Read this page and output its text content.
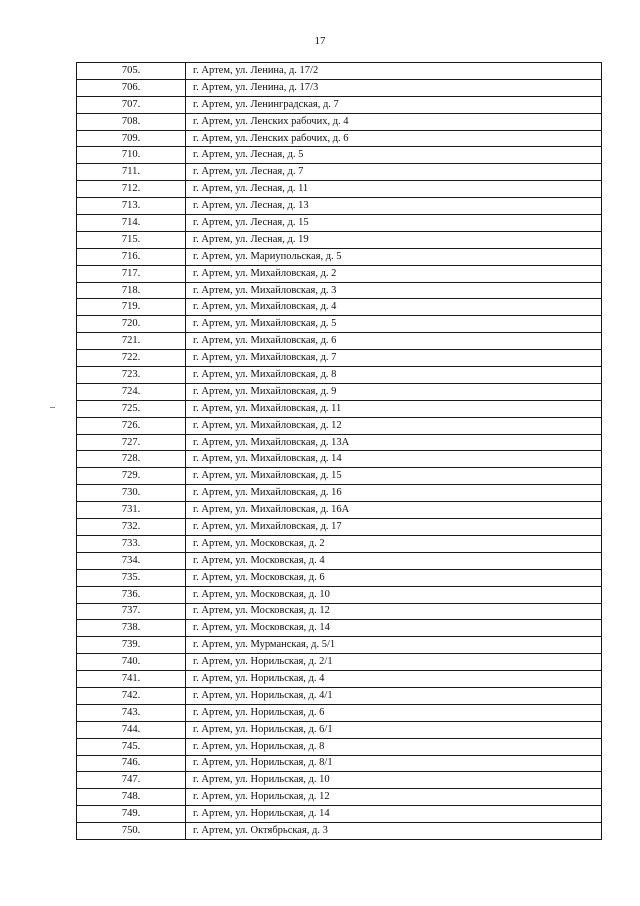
17
705.	г. Артем, ул. Ленина, д. 17/2
706.	г. Артем, ул. Ленина, д. 17/3
707.	г. Артем, ул. Ленинградская, д. 7
708.	г. Артем, ул. Ленских рабочих, д. 4
709.	г. Артем, ул. Ленских рабочих, д. 6
710.	г. Артем, ул. Лесная, д. 5
711.	г. Артем, ул. Лесная, д. 7
712.	г. Артем, ул. Лесная, д. 11
713.	г. Артем, ул. Лесная, д. 13
714.	г. Артем, ул. Лесная, д. 15
715.	г. Артем, ул. Лесная, д. 19
716.	г. Артем, ул. Мариупольская, д. 5
717.	г. Артем, ул. Михайловская, д. 2
718.	г. Артем, ул. Михайловская, д. 3
719.	г. Артем, ул. Михайловская, д. 4
720.	г. Артем, ул. Михайловская, д. 5
721.	г. Артем, ул. Михайловская, д. 6
722.	г. Артем, ул. Михайловская, д. 7
723.	г. Артем, ул. Михайловская, д. 8
724.	г. Артем, ул. Михайловская, д. 9
725.	г. Артем, ул. Михайловская, д. 11
726.	г. Артем, ул. Михайловская, д. 12
727.	г. Артем, ул. Михайловская, д. 13А
728.	г. Артем, ул. Михайловская, д. 14
729.	г. Артем, ул. Михайловская, д. 15
730.	г. Артем, ул. Михайловская, д. 16
731.	г. Артем, ул. Михайловская, д. 16А
732.	г. Артем, ул. Михайловская, д. 17
733.	г. Артем, ул. Московская, д. 2
734.	г. Артем, ул. Московская, д. 4
735.	г. Артем, ул. Московская, д. 6
736.	г. Артем, ул. Московская, д. 10
737.	г. Артем, ул. Московская, д. 12
738.	г. Артем, ул. Московская, д. 14
739.	г. Артем, ул. Мурманская, д. 5/1
740.	г. Артем, ул. Норильская, д. 2/1
741.	г. Артем, ул. Норильская, д. 4
742.	г. Артем, ул. Норильская, д. 4/1
743.	г. Артем, ул. Норильская, д. 6
744.	г. Артем, ул. Норильская, д. 6/1
745.	г. Артем, ул. Норильская, д. 8
746.	г. Артем, ул. Норильская, д. 8/1
747.	г. Артем, ул. Норильская, д. 10
748.	г. Артем, ул. Норильская, д. 12
749.	г. Артем, ул. Норильская, д. 14
750.	г. Артем, ул. Октябрьская, д. 3
